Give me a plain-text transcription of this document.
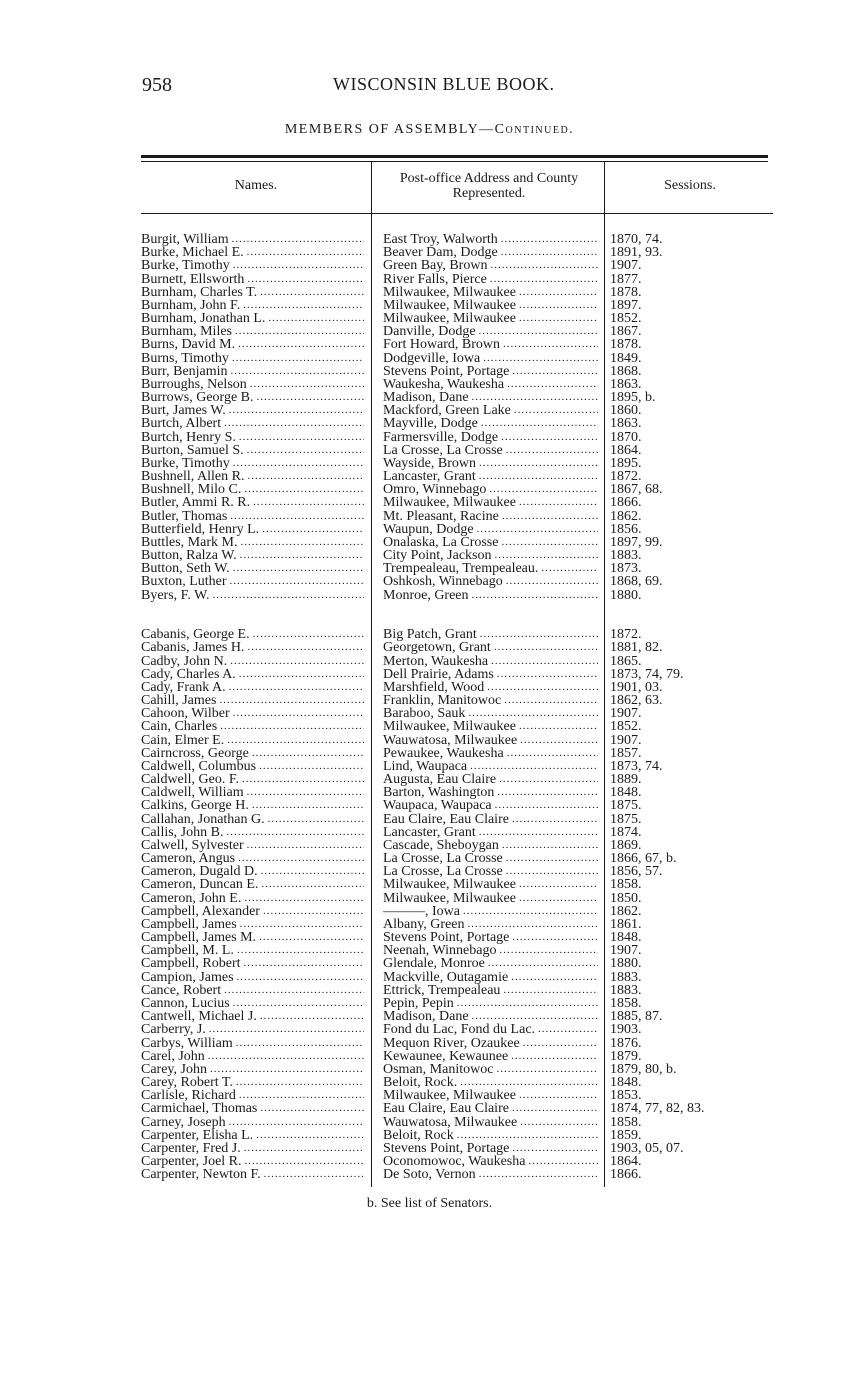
958	WISCONSIN BLUE BOOK.
MEMBERS OF ASSEMBLY—Continued.
Names.	Post-office Address and County Represented.
Sessions.
Burgit, William
.....
Burke, Michael E.
.....
Burke, Timothy
.....
Burnett, Ellsworth
.....
Burnham, Charles T.
.....
Burnham, John F.
.....
Burnham, Jonathan L.
.....
Burnham, Miles
.....
Burns, David M.
.....
Burns, Timothy
.....
Burr, Benjamin
.....
Burroughs, Nelson
.....
Burrows, George B.
.....
Burt, James W.
.....
Burtch, Albert
.....
Burtch, Henry S.
.....
Burton, Samuel S.
.....
Burke, Timothy
.....
Bushnell, Allen R.
.....
Bushnell, Milo C.
.....
Butler, Ammi R. R.
.....
Butler, Thomas
.....
Butterfield, Henry L.
.....
Buttles, Mark M.
.....
Button, Ralza W.
.....
Button, Seth W.
.....
Buxton, Luther
.....
Byers, F. W.
.....
Cabanis, George E.
.....
Cabanis, James H.
.....
Cadby, John N.
.....
Cady, Charles A.
.....
Cady, Frank A.
.....
Cahill, James
.....
Cahoon, Wilber
.....
Cain, Charles
.....
Cain, Elmer E.
.....
Cairncross, George
.....
Caldwell, Columbus
.....
Caldwell, Geo. F.
.....
Caldwell, William
.....
Calkins, George H.
.....
Callahan, Jonathan G.
.....
Callis, John B.
.....
Calwell, Sylvester
.....
Cameron, Angus
.....
Cameron, Dugald D.
.....
Cameron, Duncan E.
.....
Cameron, John E.
.....
Campbell, Alexander
.....
Campbell, James
.....
Campbell, James M.
.....
Campbell, M. L.
.....
Campbell, Robert
.....
Campion, James
.....
Cance, Robert
.....
Cannon, Lucius
.....
Cantwell, Michael J.
.....
Carberry, J.
.....
Carbys, William
.....
Carel, John
.....
Carey, John
.....
Carey, Robert T.
.....
Carlisle, Richard
.....
Carmichael, Thomas
.....
Carney, Joseph
.....
Carpenter, Elisha L.
.....
Carpenter, Fred J.
.....
Carpenter, Joel R.
.....
Carpenter, Newton F.
.....
East Troy, Walworth
.....
Beaver Dam, Dodge
.....
Green Bay, Brown
.....
River Falls, Pierce
.....
Milwaukee, Milwaukee
.....
Milwaukee, Milwaukee
.....
Milwaukee, Milwaukee
.....
Danville, Dodge
.....
Fort Howard, Brown
.....
Dodgeville, Iowa
.....
Stevens Point, Portage
.....
Waukesha, Waukesha
.....
Madison, Dane
.....
Mackford, Green Lake
.....
Mayville, Dodge
.....
Farmersville, Dodge
.....
La Crosse, La Crosse
.....
Wayside, Brown
.....
Lancaster, Grant
.....
Omro, Winnebago
.....
Milwaukee, Milwaukee
.....
Mt. Pleasant, Racine
.....
Waupun, Dodge
.....
Onalaska, La Crosse
.....
City Point, Jackson
.....
Trempealeau, Trempealeau.
.....
Oshkosh, Winnebago
.....
Monroe, Green
.....
Big Patch, Grant
.....
Georgetown, Grant
.....
Merton, Waukesha
.....
Dell Prairie, Adams
.....
Marshfield, Wood
.....
Franklin, Manitowoc
.....
Baraboo, Sauk
.....
Milwaukee, Milwaukee
.....
Wauwatosa, Milwaukee
.....
Pewaukee, Waukesha
.....
Lind, Waupaca
.....
Augusta, Eau Claire
.....
Barton, Washington
.....
Waupaca, Waupaca
.....
Eau Claire, Eau Claire
.....
Lancaster, Grant
.....
Cascade, Sheboygan
.....
La Crosse, La Crosse
.....
La Crosse, La Crosse
.....
Milwaukee, Milwaukee
.....
Milwaukee, Milwaukee
.....
———, Iowa
.....
Albany, Green
.....
Stevens Point, Portage
.....
Neenah, Winnebago
.....
Glendale, Monroe
.....
Mackville, Outagamie
.....
Ettrick, Trempealeau
.....
Pepin, Pepin
.....
Madison, Dane
.....
Fond du Lac, Fond du Lac.
.....
Mequon River, Ozaukee
.....
Kewaunee, Kewaunee
.....
Osman, Manitowoc
.....
Beloit, Rock.
.....
Milwaukee, Milwaukee
.....
Eau Claire, Eau Claire
.....
Wauwatosa, Milwaukee
.....
Beloit, Rock
.....
Stevens Point, Portage
.....
Oconomowoc, Waukesha
.....
De Soto, Vernon
.....
1870, 74.
1891, 93.
1907.
1877.
1878.
1897.
1852.
1867.
1878.
1849.
1868.
1863.
1895, b.
1860.
1863.
1870.
1864.
1895.
1872.
1867, 68.
1866.
1862.
1856.
1897, 99.
1883.
1873.
1868, 69.
1880.
1872.
1881, 82.
1865.
1873, 74, 79.
1901, 03.
1862, 63.
1907.
1852.
1907.
1857.
1873, 74.
1889.
1848.
1875.
1875.
1874.
1869.
1866, 67, b.
1856, 57.
1858.
1850.
1862.
1861.
1848.
1907.
1880.
1883.
1883.
1858.
1885, 87.
1903.
1876.
1879.
1879, 80, b.
1848.
1853.
1874, 77, 82, 83.
1858.
1859.
1903, 05, 07.
1864.
1866.
b. See list of Senators.
